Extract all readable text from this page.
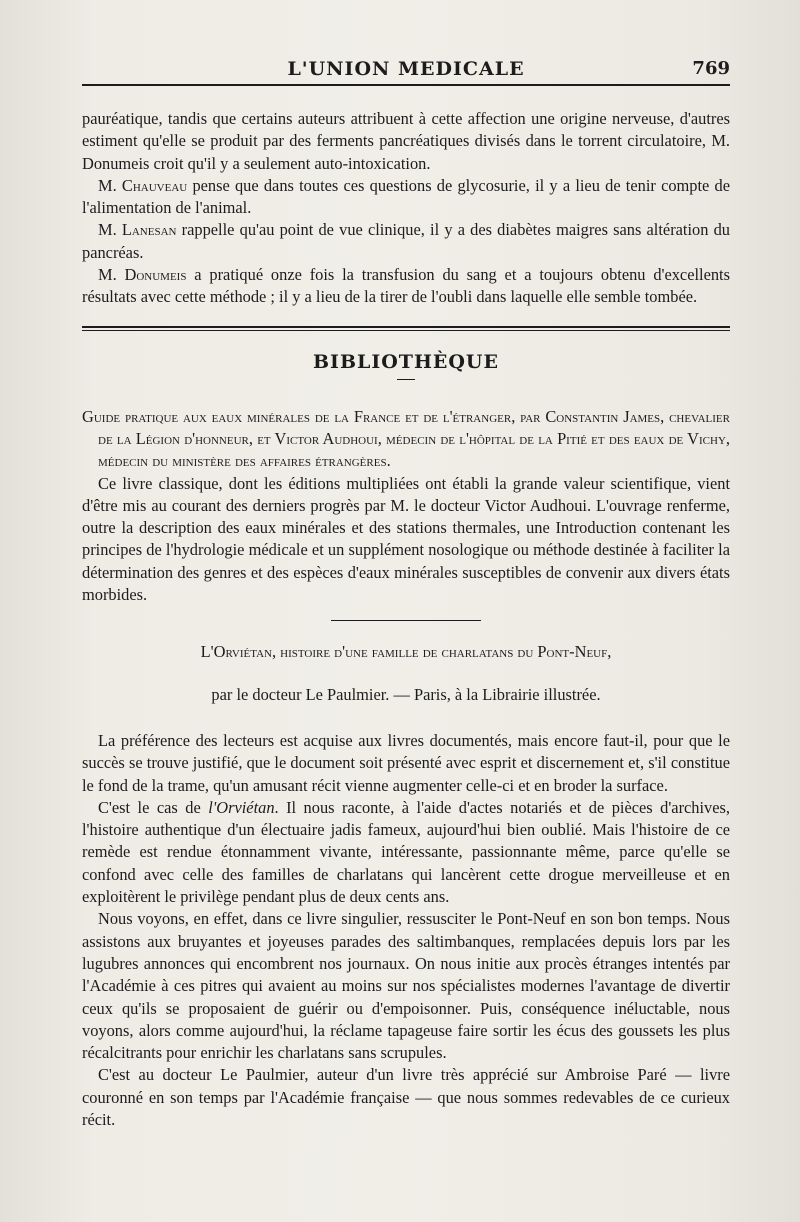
L'UNION MEDICALE	769

pauréatique, tandis que certains auteurs attribuent à cette affection une origine nerveuse, d'autres estiment qu'elle se produit par des ferments pancréatiques divisés dans le torrent circulatoire, M. Donumeis croit qu'il y a seulement auto-intoxication.

M. Chauveau pense que dans toutes ces questions de glycosurie, il y a lieu de tenir compte de l'alimentation de l'animal.

M. Lanesan rappelle qu'au point de vue clinique, il y a des diabètes maigres sans altération du pancréas.

M. Donumeis a pratiqué onze fois la transfusion du sang et a toujours obtenu d'excellents résultats avec cette méthode ; il y a lieu de la tirer de l'oubli dans laquelle elle semble tombée.

BIBLIOTHÈQUE

Guide pratique aux eaux minérales de la France et de l'étranger, par Constantin James, chevalier de la Légion d'honneur, et Victor Audhoui, médecin de l'hôpital de la Pitié et des eaux de Vichy, médecin du ministère des affaires étrangères.

Ce livre classique, dont les éditions multipliées ont établi la grande valeur scientifique, vient d'être mis au courant des derniers progrès par M. le docteur Victor Audhoui. L'ouvrage renferme, outre la description des eaux minérales et des stations thermales, une Introduction contenant les principes de l'hydrologie médicale et un supplément nosologique ou méthode destinée à faciliter la détermination des genres et des espèces d'eaux minérales susceptibles de convenir aux divers états morbides.

L'Orviétan, histoire d'une famille de charlatans du Pont-Neuf,

par le docteur Le Paulmier. — Paris, à la Librairie illustrée.

La préférence des lecteurs est acquise aux livres documentés, mais encore faut-il, pour que le succès se trouve justifié, que le document soit présenté avec esprit et discernement et, s'il constitue le fond de la trame, qu'un amusant récit vienne augmenter celle-ci et en broder la surface.

C'est le cas de l'Orviétan. Il nous raconte, à l'aide d'actes notariés et de pièces d'archives, l'histoire authentique d'un électuaire jadis fameux, aujourd'hui bien oublié. Mais l'histoire de ce remède est rendue étonnamment vivante, intéressante, passionnante même, parce qu'elle se confond avec celle des familles de charlatans qui lancèrent cette drogue merveilleuse et en exploitèrent le privilège pendant plus de deux cents ans.

Nous voyons, en effet, dans ce livre singulier, ressusciter le Pont-Neuf en son bon temps. Nous assistons aux bruyantes et joyeuses parades des saltimbanques, remplacées depuis lors par les lugubres annonces qui encombrent nos journaux. On nous initie aux procès étranges intentés par l'Académie à ces pitres qui avaient au moins sur nos spécialistes modernes l'avantage de divertir ceux qu'ils se proposaient de guérir ou d'empoisonner. Puis, conséquence inéluctable, nous voyons, alors comme aujourd'hui, la réclame tapageuse faire sortir les écus des goussets les plus récalcitrants pour enrichir les charlatans sans scrupules.

C'est au docteur Le Paulmier, auteur d'un livre très apprécié sur Ambroise Paré — livre couronné en son temps par l'Académie française — que nous sommes redevables de ce curieux récit.
